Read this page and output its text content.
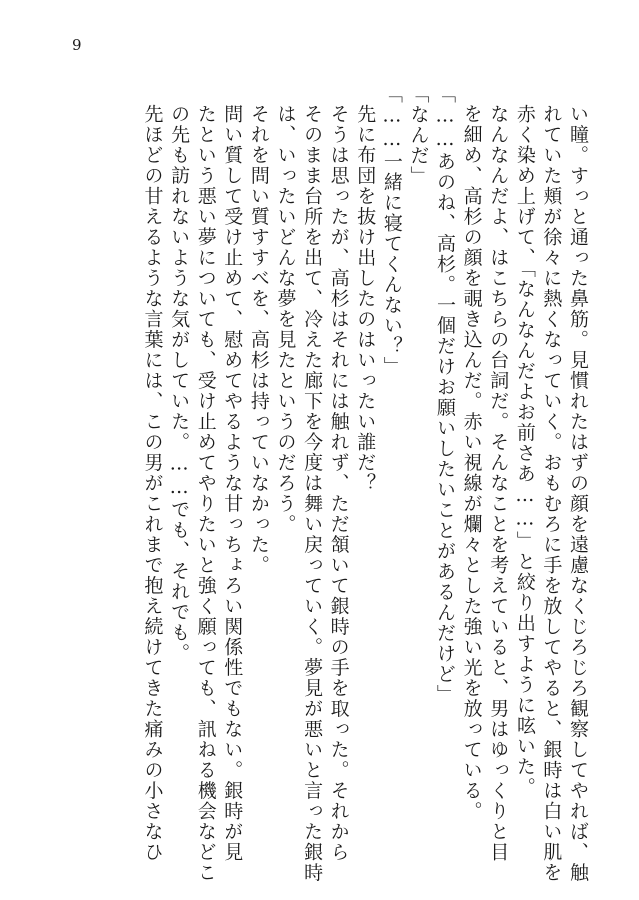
9

い瞳。すっと通った鼻筋。見慣れたはずの顔を遠慮なくじろじろ観察してやれば、触

れていた頬が徐々に熱くなっていく。おもむろに手を放してやると、銀時は白い肌を

赤く染め上げて、「なんなんだよお前さあ……」と絞り出すように呟いた。

なんなんだよ、はこちらの台詞だ。そんなことを考えていると、男はゆっくりと目

を細め、高杉の顔を覗き込んだ。赤い視線が爛々とした強い光を放っている。

「……あのね、高杉。一個だけお願いしたいことがあるんだけど」

「なんだ」

「……一緒に寝てくんない？」

先に布団を抜け出したのはいったい誰だ？

そうは思ったが、高杉はそれには触れず、ただ頷いて銀時の手を取った。それから

そのまま台所を出て、冷えた廊下を今度は舞い戻っていく。夢見が悪いと言った銀時

は、いったいどんな夢を見たというのだろう。

それを問い質すすべを、高杉は持っていなかった。

問い質して受け止めて、慰めてやるような甘っちょろい関係性でもない。銀時が見

たという悪い夢についても、受け止めてやりたいと強く願っても、訊ねる機会などこ

の先も訪れないような気がしていた。……でも、それでも。

先ほどの甘えるような言葉には、この男がこれまで抱え続けてきた痛みの小さなひ
